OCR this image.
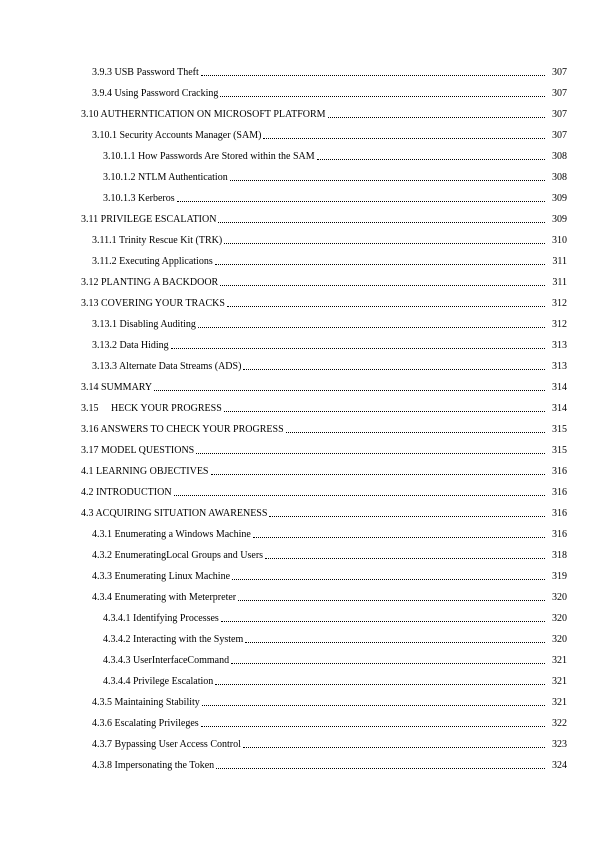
3.9.3 USB Password Theft	307
3.9.4 Using Password Cracking	307
3.10 AUTHERNTICATION ON MICROSOFT PLATFORM	307
3.10.1 Security Accounts Manager (SAM)	307
3.10.1.1 How Passwords Are Stored within the SAM	308
3.10.1.2 NTLM Authentication	308
3.10.1.3 Kerberos	309
3.11 PRIVILEGE ESCALATION	309
3.11.1 Trinity Rescue Kit (TRK)	310
3.11.2 Executing Applications	311
3.12 PLANTING A BACKDOOR	311
3.13 COVERING YOUR TRACKS	312
3.13.1 Disabling Auditing	312
3.13.2 Data Hiding	313
3.13.3 Alternate Data Streams (ADS)	313
3.14 SUMMARY	314
3.15     HECK YOUR PROGRESS	314
3.16 ANSWERS TO CHECK YOUR PROGRESS	315
3.17 MODEL QUESTIONS	315
4.1 LEARNING OBJECTIVES	316
4.2 INTRODUCTION	316
4.3 ACQUIRING SITUATION AWARENESS	316
4.3.1 Enumerating a Windows Machine	316
4.3.2 EnumeratingLocal Groups and Users	318
4.3.3 Enumerating Linux Machine	319
4.3.4 Enumerating with Meterpreter	320
4.3.4.1 Identifying Processes	320
4.3.4.2 Interacting with the System	320
4.3.4.3 UserInterfaceCommand	321
4.3.4.4 Privilege Escalation	321
4.3.5 Maintaining Stability	321
4.3.6 Escalating Privileges	322
4.3.7 Bypassing User Access Control	323
4.3.8 Impersonating the Token	324
